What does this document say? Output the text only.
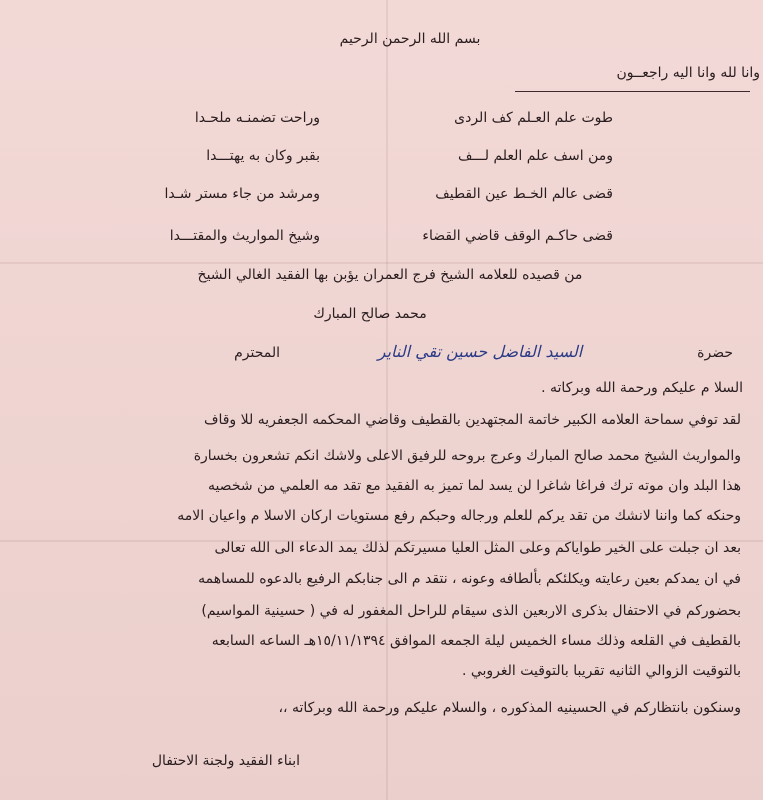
بسم الله الرحمن الرحيم
وانا لله وانا اليه راجعــون
طوت علم العـلم كف الردى
وراحت تضمنـه ملحـدا
ومن اسف علم العلم لـــف
بقبر وكان به يهتـــدا
قضى عالم الخـط عين القطيف
ومرشد من جاء مستر شـدا
قضى حاكـم الوقف قاضي القضاء
وشيخ المواريث والمقتـــدا
من قصيده للعلامه الشيخ فرج العمران يؤبن بها الفقيد الغالي الشيخ
محمد صالح المبارك
حضرة
السيد الفاضل حسين تقي الناير
المحترم
السلا م عليكم ورحمة الله وبركاته .
لقد توفي سماحة العلامه الكبير خاتمة المجتهدين بالقطيف وقاضي المحكمه الجعفريه للا وقاف
والمواريث الشيخ محمد صالح المبارك وعرج بروحه للرفيق الاعلى ولاشك انكم تشعرون بخسارة
هذا البلد وان موته ترك فراغا شاغرا لن يسد لما تميز به الفقيد مع تقد مه العلمي من شخصيه
وحنكه كما واننا لانشك من تقد يركم للعلم ورجاله وحبكم رفع مستويات اركان الاسلا م واعيان الامه
بعد ان جبلت على الخير طواياكم وعلى المثل العليا مسيرتكم لذلك يمد الدعاء الى الله تعالى
في ان يمدكم بعين رعايته ويكلئكم بألطافه وعونه ، نتقد م الى جنابكم الرفيع بالدعوه للمساهمه
بحضوركم في الاحتفال بذكرى الاربعين الذى سيقام للراحل المغفور له في ( حسينية المواسيم)
بالقطيف في القلعه وذلك مساء الخميس ليلة الجمعه الموافق ١٥/١١/١٣٩٤هـ الساعه السابعه
بالتوقيت الزوالي الثانيه تقريبا بالتوقيت الغروبي .
وسنكون بانتظاركم في الحسينيه المذكوره ، والسلام عليكم ورحمة الله وبركاته ،،
ابناء الفقيد ولجنة الاحتفال
